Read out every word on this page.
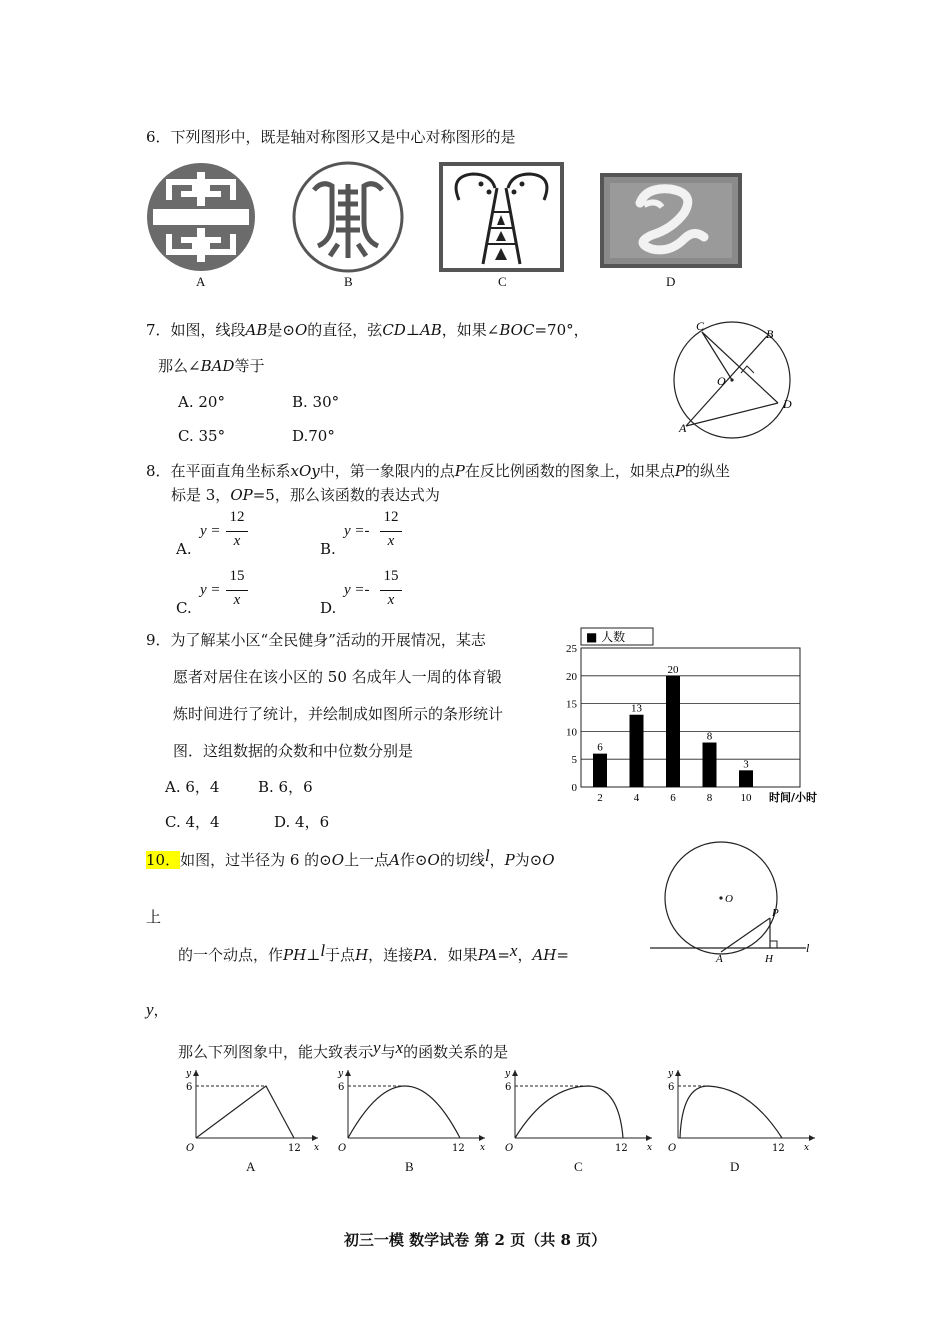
6．下列图形中，既是轴对称图形又是中心对称图形的是
A	B	C	D
7．如图，线段AB是⊙O的直径，弦CD⊥AB，如果∠BOC=70°，
那么∠BAD等于
A. 20°	B. 30°
C. 35°	D.70°
C
B
O
D
A
8．在平面直角坐标系xOy中，第一象限内的点P在反比例函数的图象上，如果点P的纵坐
标是 3，OP=5，那么该函数的表达式为
A.
y =
12
x	B.
y =-
12
x
C.
y =
15
x	D.
y =-
15
x
9．为了解某小区“全民健身”活动的开展情况，某志
愿者对居住在该小区的 50 名成年人一周的体育锻
炼时间进行了统计，并绘制成如图所示的条形统计
图．这组数据的众数和中位数分别是
A. 6，4	B. 6，6
C. 4，4	D. 4，6
■ 人数
0
5
10
15
20
25
6
13
20
8
3
2	4	6	8	10 时间/小时
10．如图，过半径为 6 的⊙O上一点A作⊙O的切线l，P为⊙O
上
的一个动点，作PH⊥l于点H，连接PA．如果PA=x，AH=
y，
那么下列图象中，能大致表示y与x的函数关系的是
O
P
A	H
l
y
6
O	12 x
A
y
6
O	12 x
B
y
6
O	12 x
C
y
6
O	12 x
D
初三一模 数学试卷 第 2 页（共 8 页）
